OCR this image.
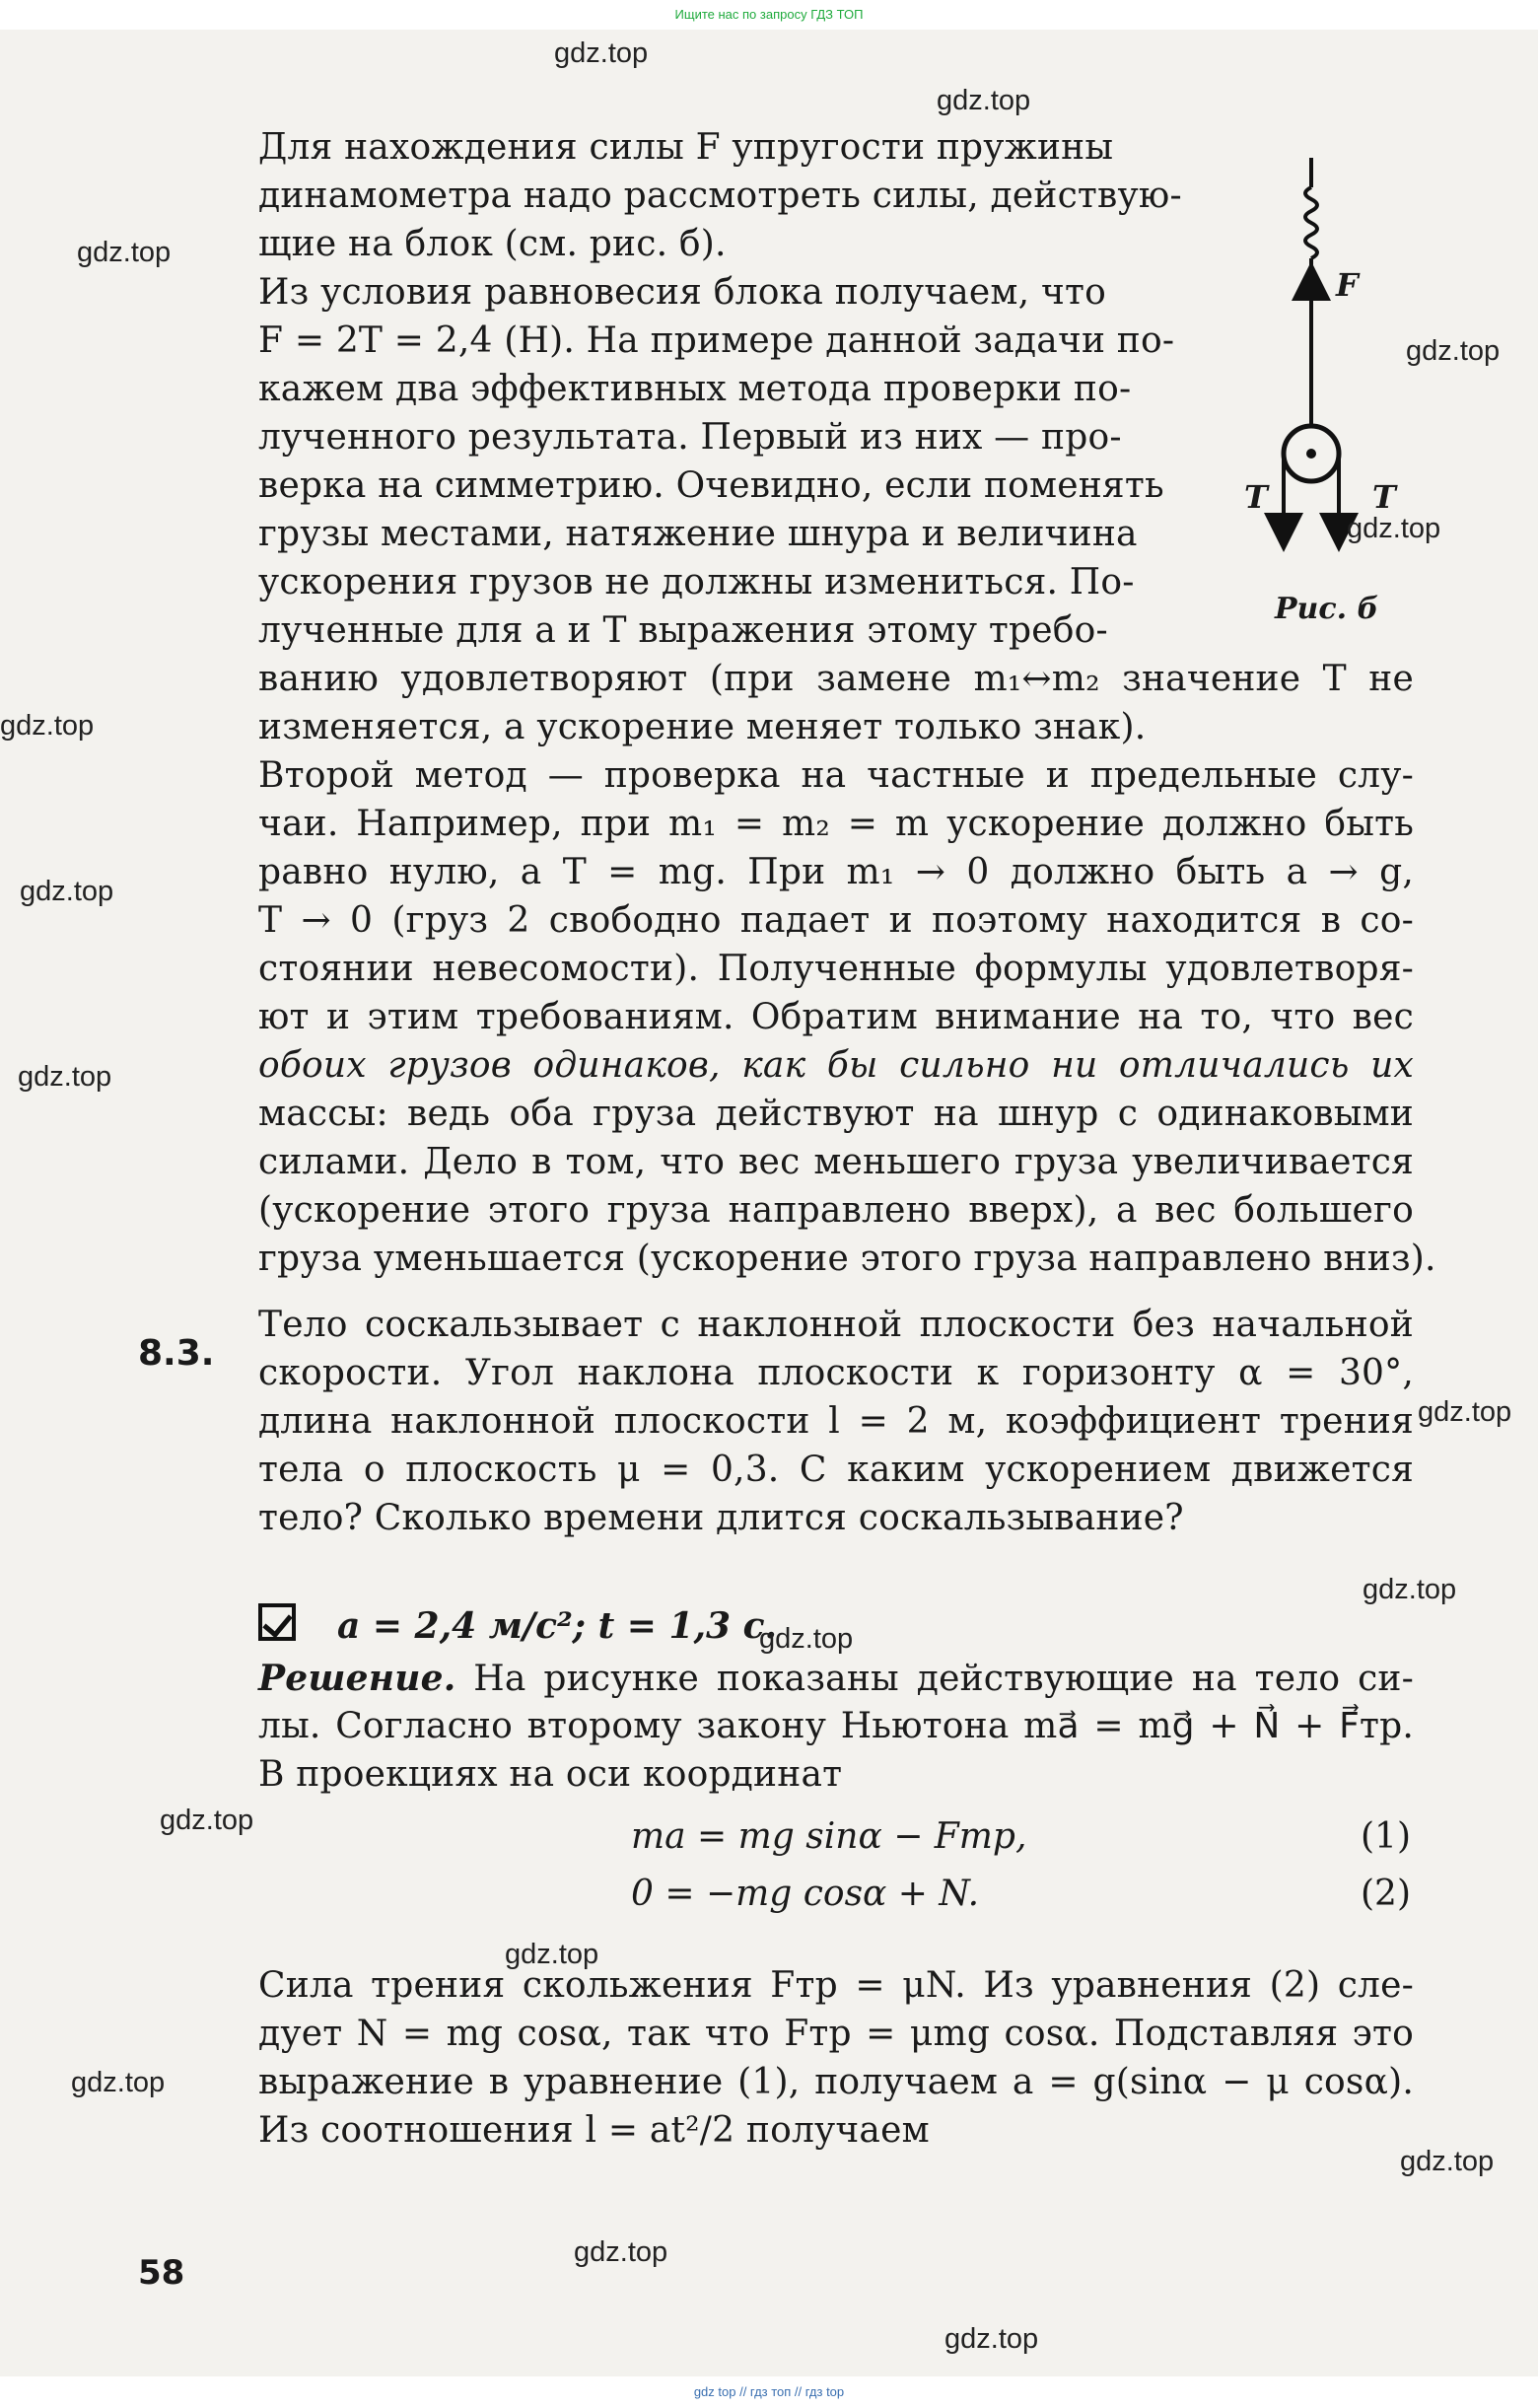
Ищите нас по запросу ГДЗ ТОП
Для нахождения силы F упругости пружины
динамометра надо рассмотреть силы, действую-
щие на блок (см. рис. б).
Из условия равновесия блока получаем, что
F = 2T = 2,4 (Н). На примере данной задачи по-
кажем два эффективных метода проверки по-
лученного результата. Первый из них — про-
верка на симметрию. Очевидно, если поменять
грузы местами, натяжение шнура и величина
ускорения грузов не должны измениться. По-
лученные для a и T выражения этому требо-
ванию удовлетворяют (при замене m₁↔m₂ значение T не
изменяется, а ускорение меняет только знак).
Второй метод — проверка на частные и предельные слу-
чаи. Например, при m₁ = m₂ = m ускорение должно быть
равно нулю, а T = mg. При m₁ → 0 должно быть a → g,
T → 0 (груз 2 свободно падает и поэтому находится в со-
стоянии невесомости). Полученные формулы удовлетворя-
ют и этим требованиям. Обратим внимание на то, что вес
обоих грузов одинаков, как бы сильно ни отличались их
массы: ведь оба груза действуют на шнур с одинаковыми
силами. Дело в том, что вес меньшего груза увеличивается
(ускорение этого груза направлено вверх), а вес большего
груза уменьшается (ускорение этого груза направлено вниз).
8.3.
Тело соскальзывает с наклонной плоскости без начальной
скорости. Угол наклона плоскости к горизонту α = 30°,
длина наклонной плоскости l = 2 м, коэффициент трения
тела о плоскость μ = 0,3. С каким ускорением движется
тело? Сколько времени длится соскальзывание?
a = 2,4 м/с²; t = 1,3 с.
Решение. На рисунке показаны действующие на тело си-
лы. Согласно второму закону Ньютона ma⃗ = mg⃗ + N⃗ + F⃗тр.
В проекциях на оси координат
ma = mg sinα − Fтр,	(1)
0 = −mg cosα + N.	(2)
Сила трения скольжения Fтр = μN. Из уравнения (2) сле-
дует N = mg cosα, так что Fтр = μmg cosα. Подставляя это
выражение в уравнение (1), получаем a = g(sinα − μ cosα).
Из соотношения l = at²/2 получаем
58
F
T	T
Рис. б
gdz.top
gdz.top
gdz.top
gdz.top
gdz.top
gdz.top
gdz.top
gdz.top
gdz.top
gdz.top
gdz.top
gdz.top
gdz.top
gdz.top
gdz.top
gdz.top
gdz.top
gdz top // гдз топ // гдз top
